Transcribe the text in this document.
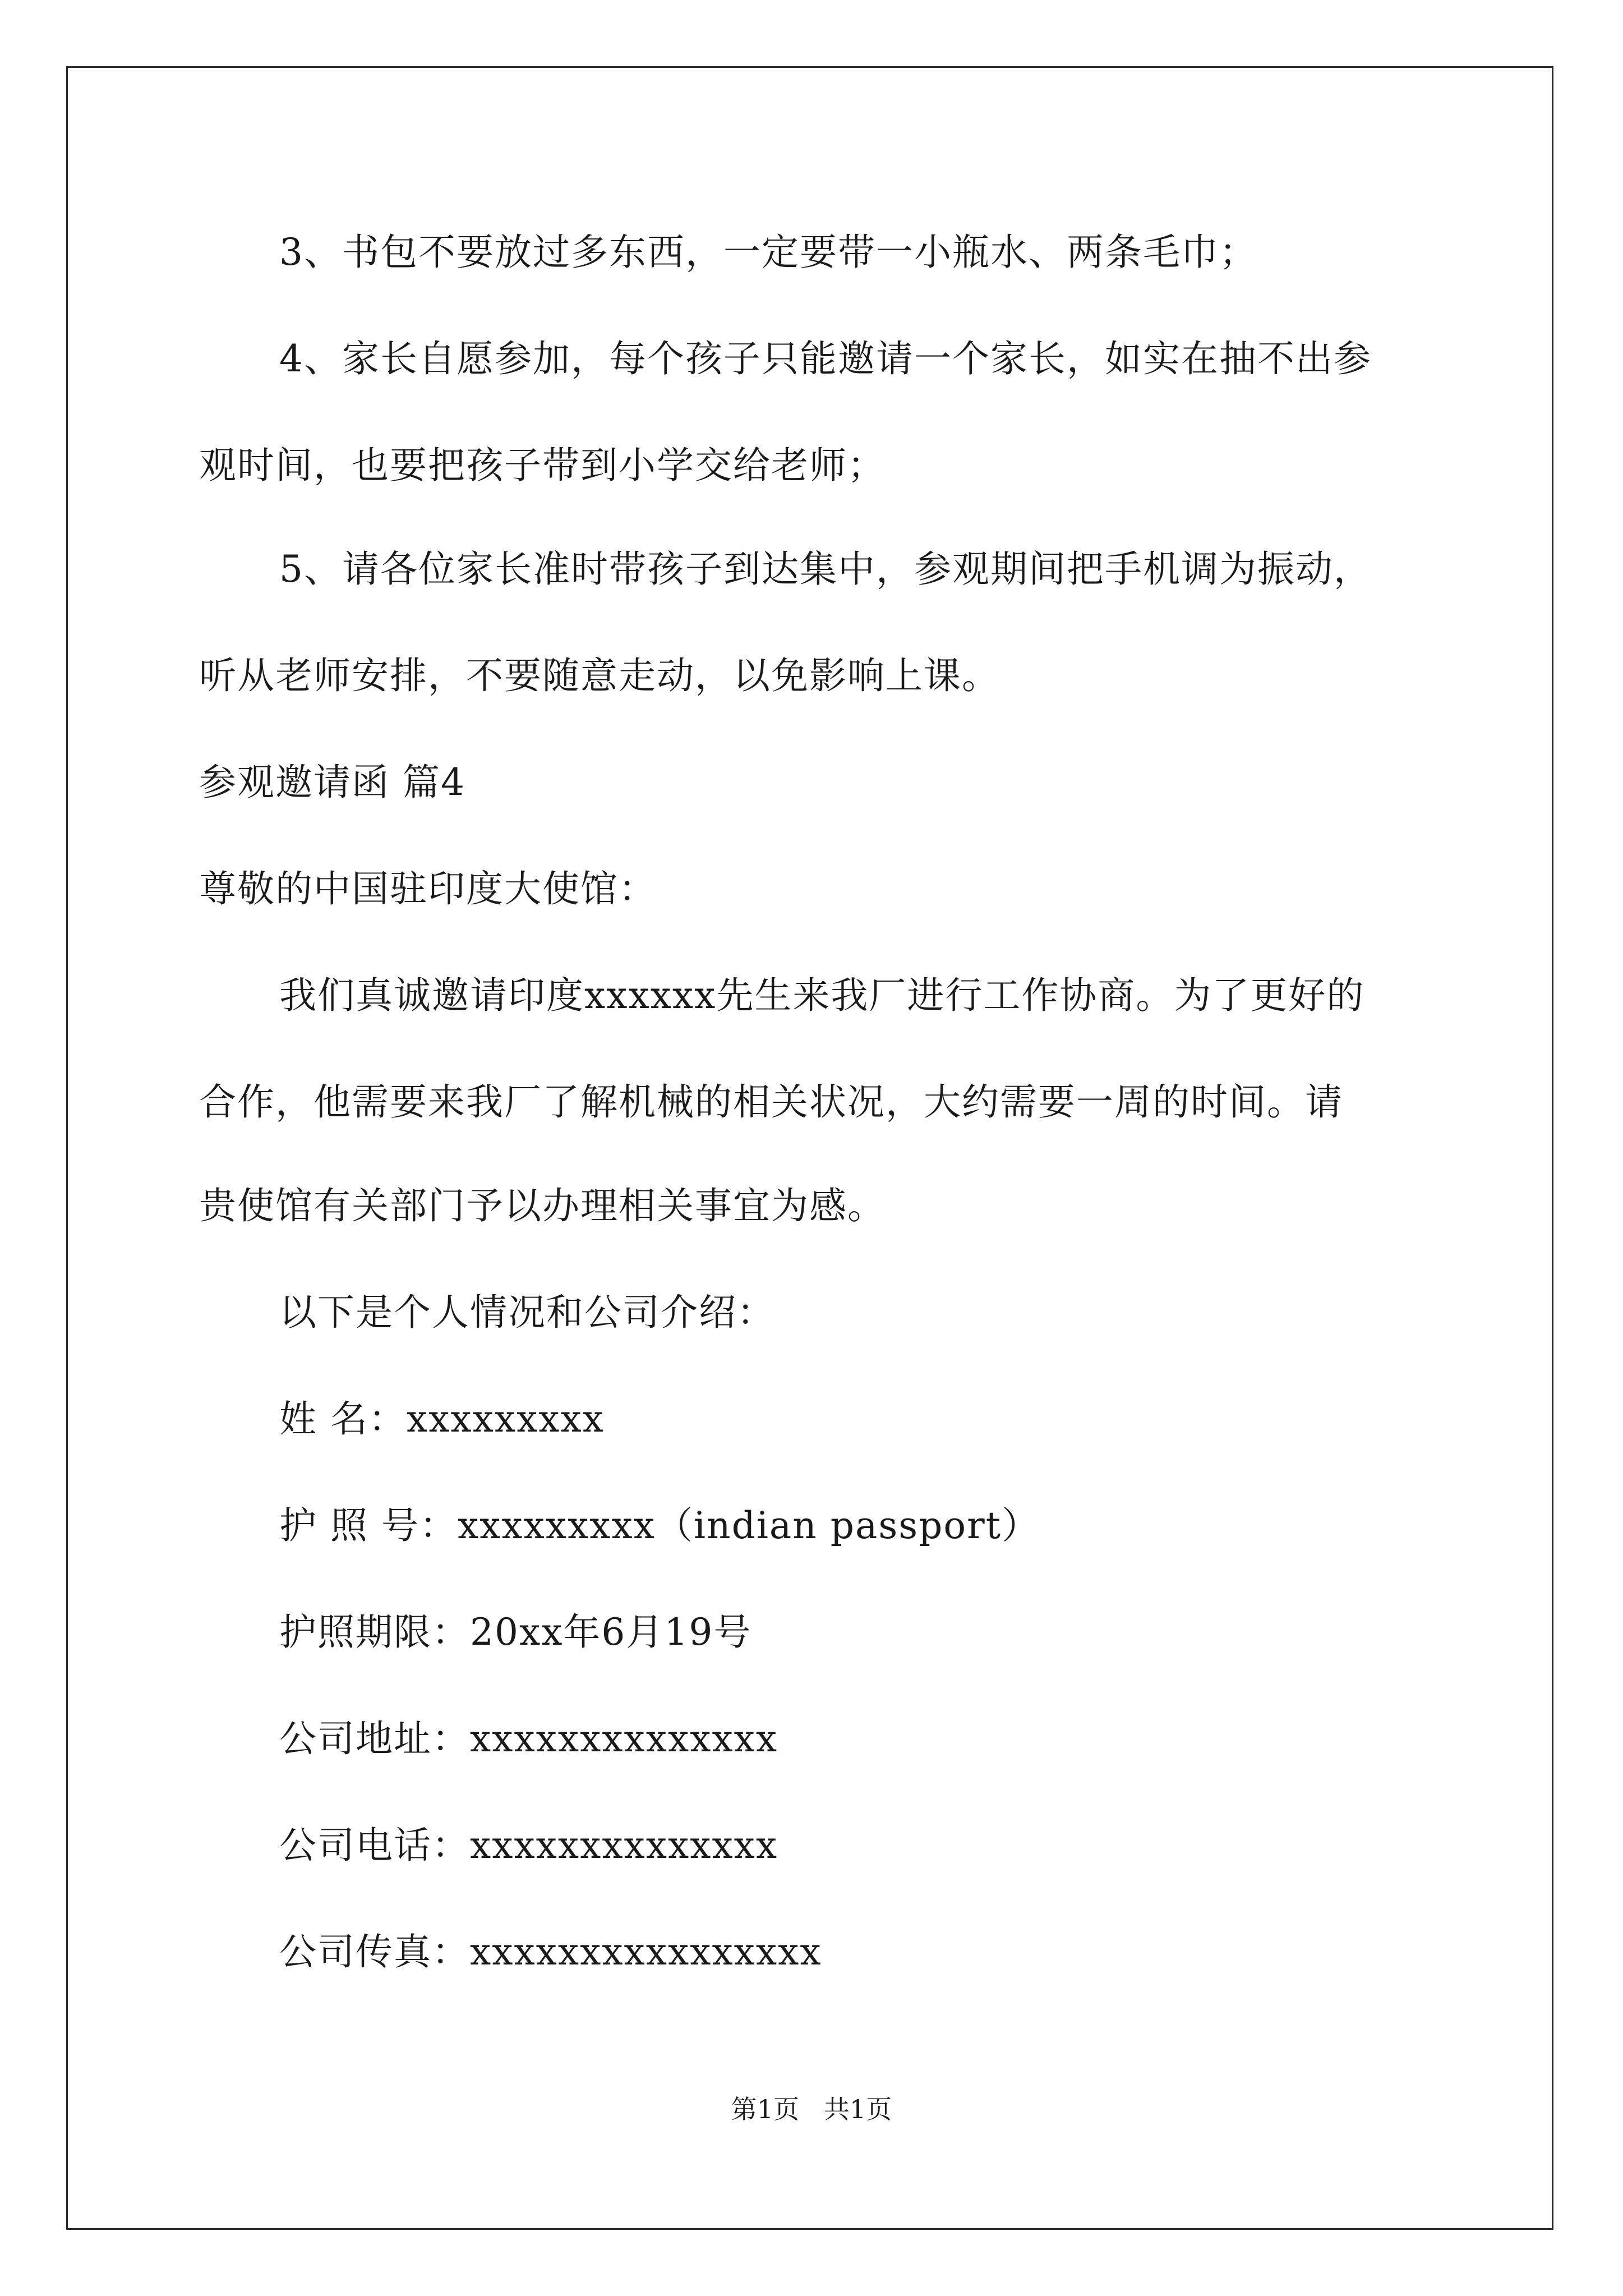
3、书包不要放过多东西，一定要带一小瓶水、两条毛巾；
4、家长自愿参加，每个孩子只能邀请一个家长，如实在抽不出参
观时间，也要把孩子带到小学交给老师；
5、请各位家长准时带孩子到达集中，参观期间把手机调为振动，
听从老师安排，不要随意走动，以免影响上课。
参观邀请函 篇4
尊敬的中国驻印度大使馆：
我们真诚邀请印度xxxxxx先生来我厂进行工作协商。为了更好的
合作，他需要来我厂了解机械的相关状况，大约需要一周的时间。请
贵使馆有关部门予以办理相关事宜为感。
以下是个人情况和公司介绍：
姓 名：xxxxxxxxx
护 照 号：xxxxxxxxx（indian passport）
护照期限：20xx年6月19号
公司地址：xxxxxxxxxxxxxx
公司电话：xxxxxxxxxxxxxx
公司传真：xxxxxxxxxxxxxxxx
第1页   共1页
